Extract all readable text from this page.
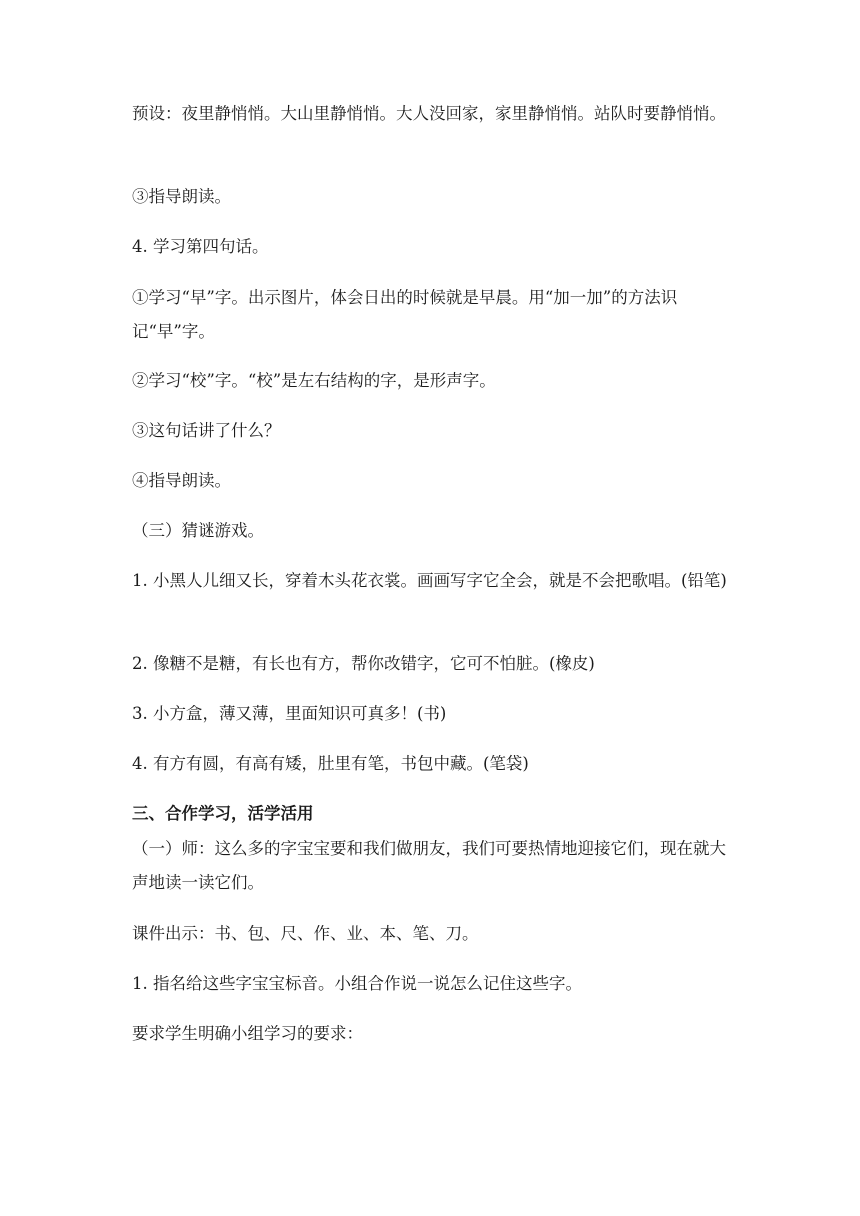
预设：夜里静悄悄。大山里静悄悄。大人没回家，家里静悄悄。站队时要静悄悄。

③指导朗读。

4. 学习第四句话。

①学习“早”字。出示图片，体会日出的时候就是早晨。用“加一加”的方法识记“早”字。

②学习“校”字。“校”是左右结构的字，是形声字。

③这句话讲了什么？

④指导朗读。

（三）猜谜游戏。

1. 小黑人儿细又长，穿着木头花衣裳。画画写字它全会，就是不会把歌唱。(铅笔)

2. 像糖不是糖，有长也有方，帮你改错字，它可不怕脏。(橡皮)

3. 小方盒，薄又薄，里面知识可真多！(书)

4. 有方有圆，有高有矮，肚里有笔，书包中藏。(笔袋)

三、合作学习，活学活用

（一）师：这么多的字宝宝要和我们做朋友，我们可要热情地迎接它们，现在就大声地读一读它们。

课件出示：书、包、尺、作、业、本、笔、刀。

1. 指名给这些字宝宝标音。小组合作说一说怎么记住这些字。

要求学生明确小组学习的要求：
